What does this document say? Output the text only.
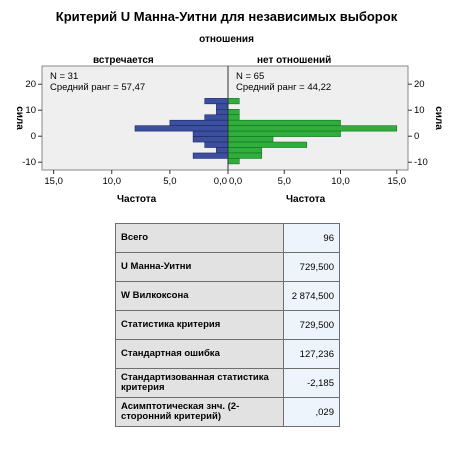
Критерий U Манна-Уитни для независимых выборок
отношения
встречается	нет отношений
N = 31
Средний ранг = 57,47
N = 65
Средний ранг = 44,22
20	20
10	10
0	0
-10	-10
сила	сила
15,0	10,0	5,0	0,0 0,0	5,0	10,0	15,0
Частота	Частота
Всего	96
U Манна-Уитни	729,500
W Вилкоксона	2 874,500
Статистика критерия	729,500
Стандартная ошибка	127,236
Стандартизованная статистика критерия	-2,185
Асимптотическая знч. (2-сторонний критерий)	,029
